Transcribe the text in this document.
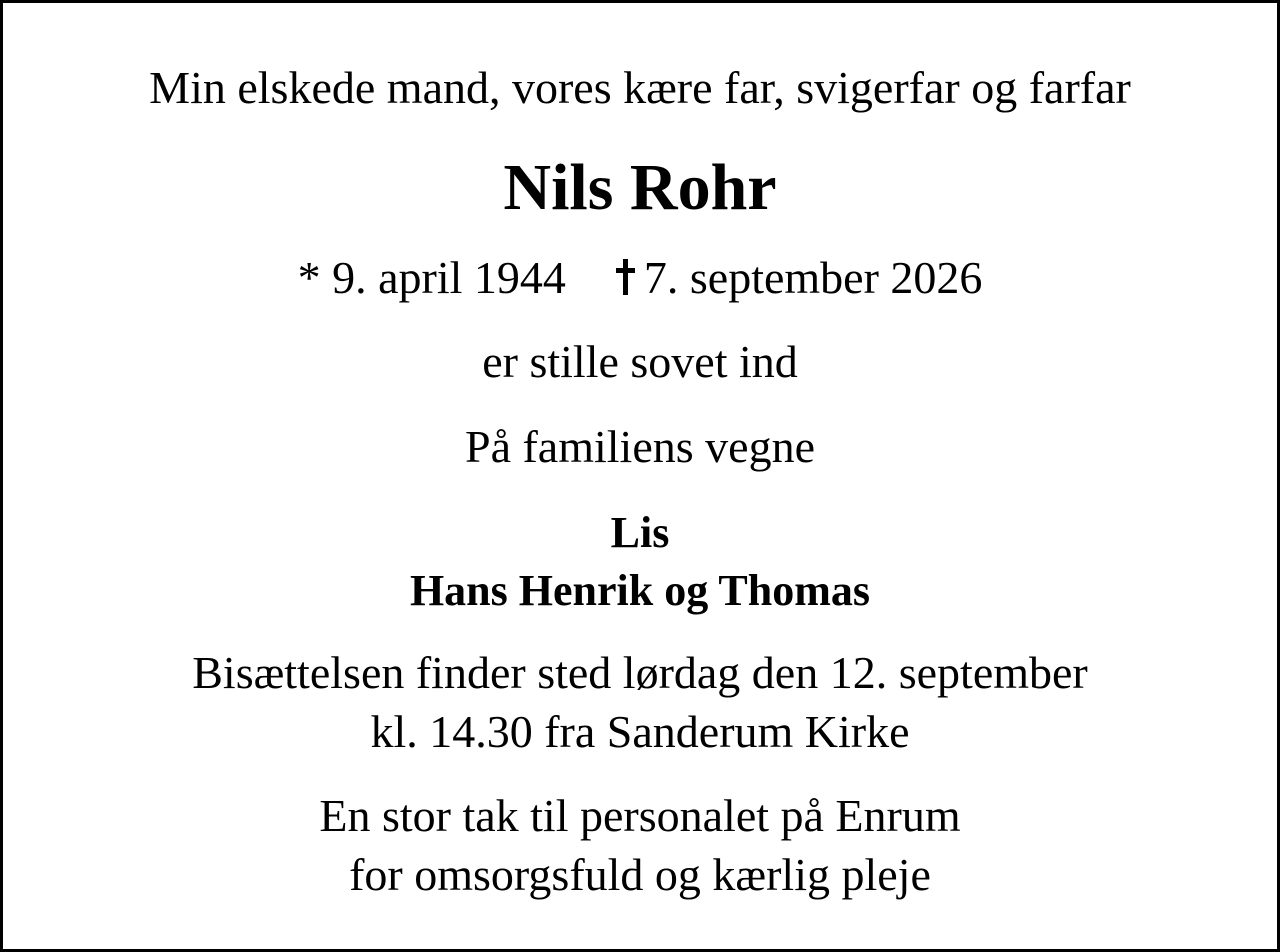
Min elskede mand, vores kære far, svigerfar og farfar
Nils Rohr
* 9. april 1944 7. september 2026
er stille sovet ind
På familiens vegne
Lis
Hans Henrik og Thomas
Bisættelsen finder sted lørdag den 12. september
kl. 14.30 fra Sanderum Kirke
En stor tak til personalet på Enrum
for omsorgsfuld og kærlig pleje
